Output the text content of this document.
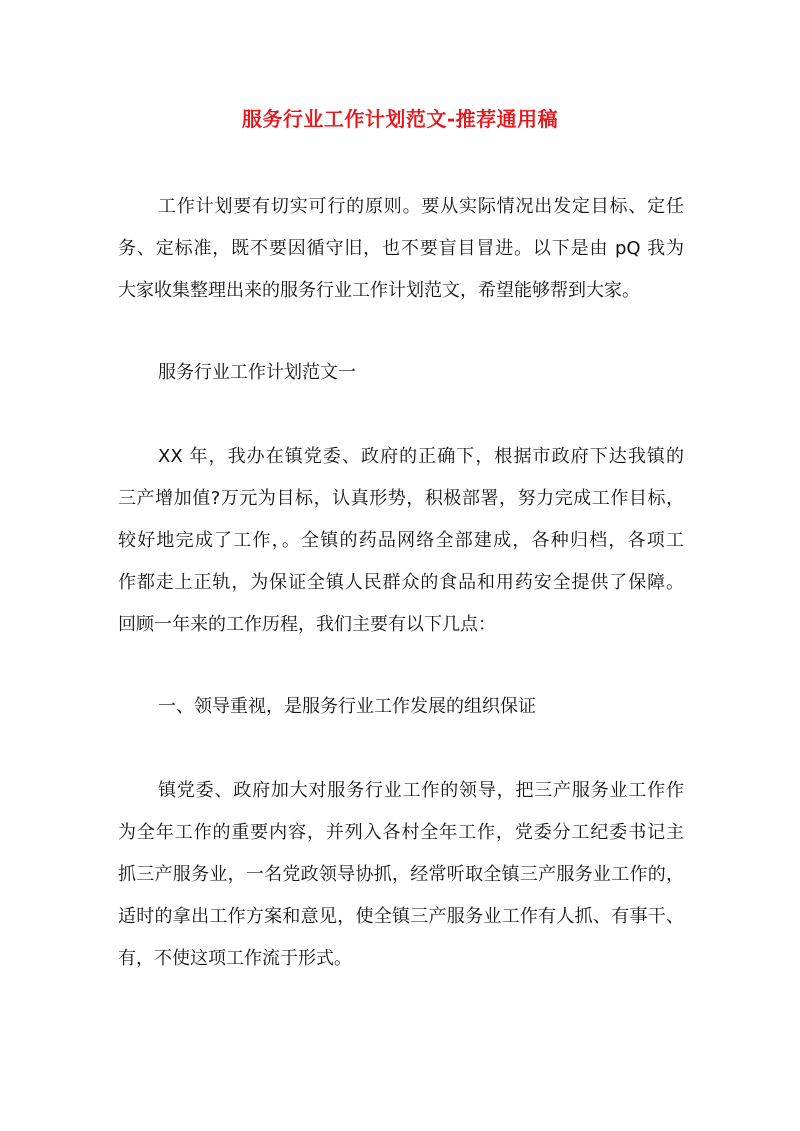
服务行业工作计划范文-推荐通用稿
工作计划要有切实可行的原则。要从实际情况出发定目标、定任
务、定标准，既不要因循守旧，也不要盲目冒进。以下是由 pQ 我为
大家收集整理出来的服务行业工作计划范文，希望能够帮到大家。
服务行业工作计划范文一
XX 年，我办在镇党委、政府的正确下，根据市政府下达我镇的
三产增加值?万元为目标，认真形势，积极部署，努力完成工作目标，
较好地完成了工作，。全镇的药品网络全部建成，各种归档，各项工
作都走上正轨，为保证全镇人民群众的食品和用药安全提供了保障。
回顾一年来的工作历程，我们主要有以下几点：
一、领导重视，是服务行业工作发展的组织保证
镇党委、政府加大对服务行业工作的领导，把三产服务业工作作
为全年工作的重要内容，并列入各村全年工作，党委分工纪委书记主
抓三产服务业，一名党政领导协抓，经常听取全镇三产服务业工作的，
适时的拿出工作方案和意见，使全镇三产服务业工作有人抓、有事干、
有，不使这项工作流于形式。
